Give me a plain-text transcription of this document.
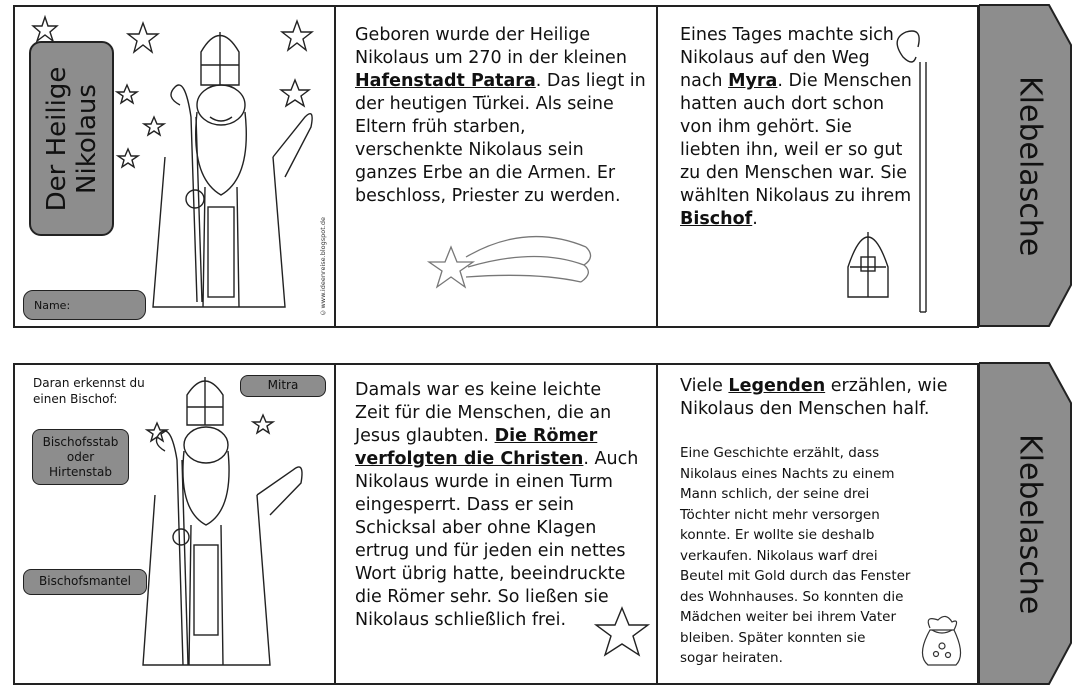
Der Heilige Nikolaus
Name:	©www.ideenreise.blogspot.de
Geboren wurde der Heilige
Nikolaus um 270 in der kleinen
Hafenstadt Patara. Das liegt in
der heutigen Türkei. Als seine
Eltern früh starben,
verschenkte Nikolaus sein
ganzes Erbe an die Armen. Er
beschloss, Priester zu werden.
Eines Tages machte sich
Nikolaus auf den Weg
nach Myra. Die Menschen
hatten auch dort schon
von ihm gehört. Sie
liebten ihn, weil er so gut
zu den Menschen war. Sie
wählten Nikolaus zu ihrem
Bischof.	Klebelasche
Daran erkennst du
einen Bischof:
Mitra
Bischofsstab
oder
Hirtenstab
Bischofsmantel
Damals war es keine leichte
Zeit für die Menschen, die an
Jesus glaubten. Die Römer
verfolgten die Christen. Auch
Nikolaus wurde in einen Turm
eingesperrt. Dass er sein
Schicksal aber ohne Klagen
ertrug und für jeden ein nettes
Wort übrig hatte, beeindruckte
die Römer sehr. So ließen sie
Nikolaus schließlich frei.
Viele Legenden erzählen, wie
Nikolaus den Menschen half.
Eine Geschichte erzählt, dass
Nikolaus eines Nachts zu einem
Mann schlich, der seine drei
Töchter nicht mehr versorgen
konnte. Er wollte sie deshalb
verkaufen. Nikolaus warf drei
Beutel mit Gold durch das Fenster
des Wohnhauses. So konnten die
Mädchen weiter bei ihrem Vater
bleiben. Später konnten sie
sogar heiraten.
Klebelasche
